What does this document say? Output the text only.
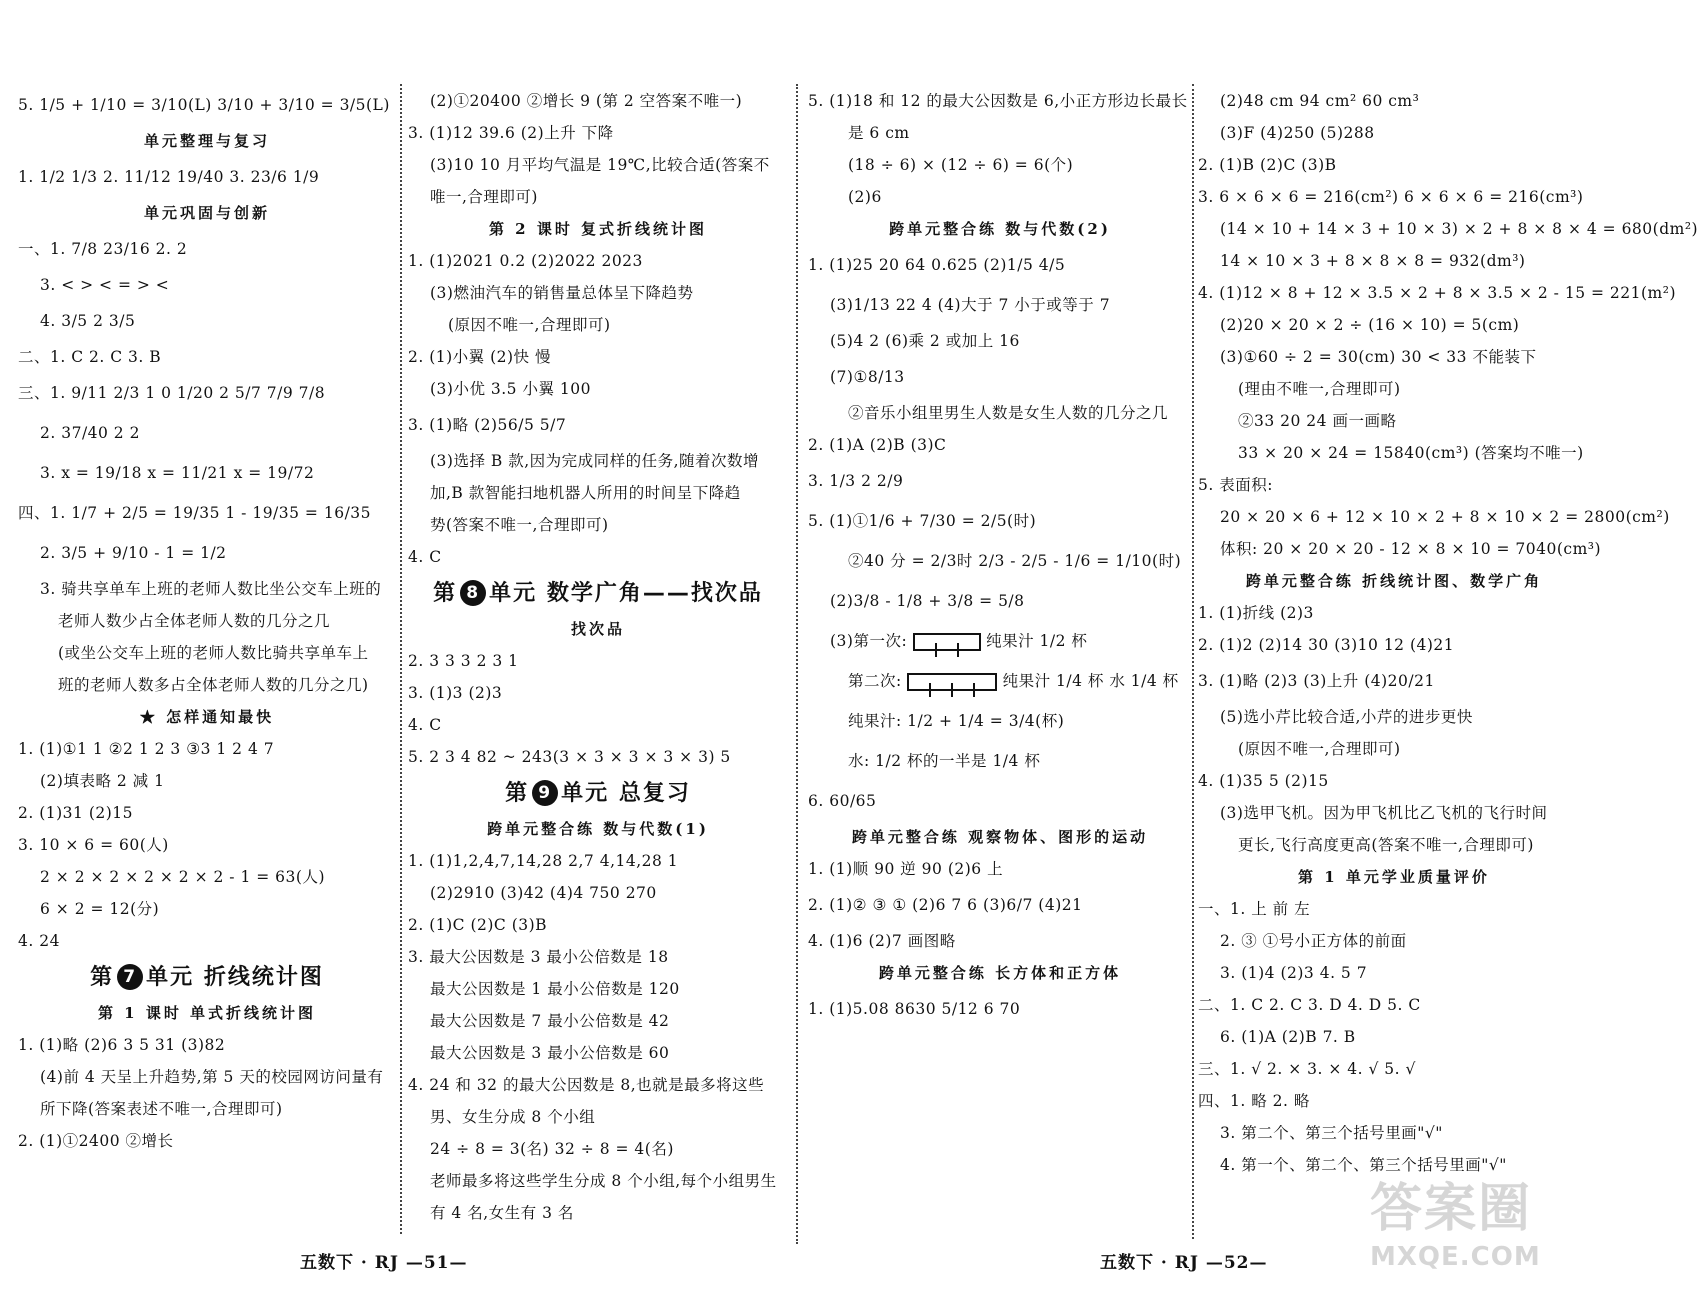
5. 1/5 + 1/10 = 3/10(L) 3/10 + 3/10 = 3/5(L)
单元整理与复习
1. 1/2 1/3 2. 11/12 19/40 3. 23/6 1/9
单元巩固与创新
一、1. 7/8 23/16 2. 2
3. < > < = > <
4. 3/5 2 3/5
二、1. C 2. C 3. B
三、1. 9/11 2/3 1 0 1/20 2 5/7 7/9 7/8
2. 37/40 2 2
3. x = 19/18 x = 11/21 x = 19/72
四、1. 1/7 + 2/5 = 19/35 1 - 19/35 = 16/35
2. 3/5 + 9/10 - 1 = 1/2
3. 骑共享单车上班的老师人数比坐公交车上班的
老师人数少占全体老师人数的几分之几
(或坐公交车上班的老师人数比骑共享单车上
班的老师人数多占全体老师人数的几分之几)
★ 怎样通知最快
1. (1)①1 1 ②2 1 2 3 ③3 1 2 4 7
(2)填表略 2 减 1
2. (1)31 (2)15
3. 10 × 6 = 60(人)
2 × 2 × 2 × 2 × 2 × 2 - 1 = 63(人)
6 × 2 = 12(分)
4. 24
第 7 单元 折线统计图
第 1 课时 单式折线统计图
1. (1)略 (2)6 3 5 31 (3)82
(4)前 4 天呈上升趋势,第 5 天的校园网访问量有
所下降(答案表述不唯一,合理即可)
2. (1)①2400 ②增长
(2)①20400 ②增长 9 (第 2 空答案不唯一)
3. (1)12 39.6 (2)上升 下降
(3)10 10 月平均气温是 19℃,比较合适(答案不
唯一,合理即可)
第 2 课时 复式折线统计图
1. (1)2021 0.2 (2)2022 2023
(3)燃油汽车的销售量总体呈下降趋势
(原因不唯一,合理即可)
2. (1)小翼 (2)快 慢
(3)小优 3.5 小翼 100
3. (1)略 (2)56/5 5/7
(3)选择 B 款,因为完成同样的任务,随着次数增
加,B 款智能扫地机器人所用的时间呈下降趋
势(答案不唯一,合理即可)
4. C
第 8 单元 数学广角——找次品
找次品
2. 3 3 3 2 3 1
3. (1)3 (2)3
4. C
5. 2 3 4 82 ~ 243(3 × 3 × 3 × 3 × 3) 5
第 9 单元 总复习
跨单元整合练 数与代数(1)
1. (1)1,2,4,7,14,28 2,7 4,14,28 1
(2)2910 (3)42 (4)4 750 270
2. (1)C (2)C (3)B
3. 最大公因数是 3 最小公倍数是 18
最大公因数是 1 最小公倍数是 120
最大公因数是 7 最小公倍数是 42
最大公因数是 3 最小公倍数是 60
4. 24 和 32 的最大公因数是 8,也就是最多将这些
男、女生分成 8 个小组
24 ÷ 8 = 3(名) 32 ÷ 8 = 4(名)
老师最多将这些学生分成 8 个小组,每个小组男生
有 4 名,女生有 3 名
5. (1)18 和 12 的最大公因数是 6,小正方形边长最长
是 6 cm
(18 ÷ 6) × (12 ÷ 6) = 6(个)
(2)6
跨单元整合练 数与代数(2)
1. (1)25 20 64 0.625 (2)1/5 4/5
(3)1/13 22 4 (4)大于 7 小于或等于 7
(5)4 2 (6)乘 2 或加上 16
(7)①8/13
②音乐小组里男生人数是女生人数的几分之几
2. (1)A (2)B (3)C
3. 1/3 2 2/9
5. (1)①1/6 + 7/30 = 2/5(时)
②40 分 = 2/3时 2/3 - 2/5 - 1/6 = 1/10(时)
(2)3/8 - 1/8 + 3/8 = 5/8
(3)第一次:	纯果汁 1/2 杯
第二次:	纯果汁 1/4 杯 水 1/4 杯
纯果汁: 1/2 + 1/4 = 3/4(杯)
水: 1/2 杯的一半是 1/4 杯
6. 60/65
跨单元整合练 观察物体、图形的运动
1. (1)顺 90 逆 90 (2)6 上
2. (1)② ③ ① (2)6 7 6 (3)6/7 (4)21
4. (1)6 (2)7 画图略
跨单元整合练 长方体和正方体
1. (1)5.08 8630 5/12 6 70
(2)48 cm 94 cm² 60 cm³
(3)F (4)250 (5)288
2. (1)B (2)C (3)B
3. 6 × 6 × 6 = 216(cm²) 6 × 6 × 6 = 216(cm³)
(14 × 10 + 14 × 3 + 10 × 3) × 2 + 8 × 8 × 4 = 680(dm²)
14 × 10 × 3 + 8 × 8 × 8 = 932(dm³)
4. (1)12 × 8 + 12 × 3.5 × 2 + 8 × 3.5 × 2 - 15 = 221(m²)
(2)20 × 20 × 2 ÷ (16 × 10) = 5(cm)
(3)①60 ÷ 2 = 30(cm) 30 < 33 不能装下
(理由不唯一,合理即可)
②33 20 24 画一画略
33 × 20 × 24 = 15840(cm³) (答案均不唯一)
5. 表面积:
20 × 20 × 6 + 12 × 10 × 2 + 8 × 10 × 2 = 2800(cm²)
体积: 20 × 20 × 20 - 12 × 8 × 10 = 7040(cm³)
跨单元整合练 折线统计图、数学广角
1. (1)折线 (2)3
2. (1)2 (2)14 30 (3)10 12 (4)21
3. (1)略 (2)3 (3)上升 (4)20/21
(5)选小芹比较合适,小芹的进步更快
(原因不唯一,合理即可)
4. (1)35 5 (2)15
(3)选甲飞机。因为甲飞机比乙飞机的飞行时间
更长,飞行高度更高(答案不唯一,合理即可)
第 1 单元学业质量评价
一、1. 上 前 左
2. ③ ①号小正方体的前面
3. (1)4 (2)3 4. 5 7
二、1. C 2. C 3. D 4. D 5. C
6. (1)A (2)B 7. B
三、1. √ 2. × 3. × 4. √ 5. √
四、1. 略 2. 略
3. 第二个、第三个括号里画"√"
4. 第一个、第二个、第三个括号里画"√"
五数下 · RJ —51—	五数下 · RJ —52—
答案圈
MXQE.COM
